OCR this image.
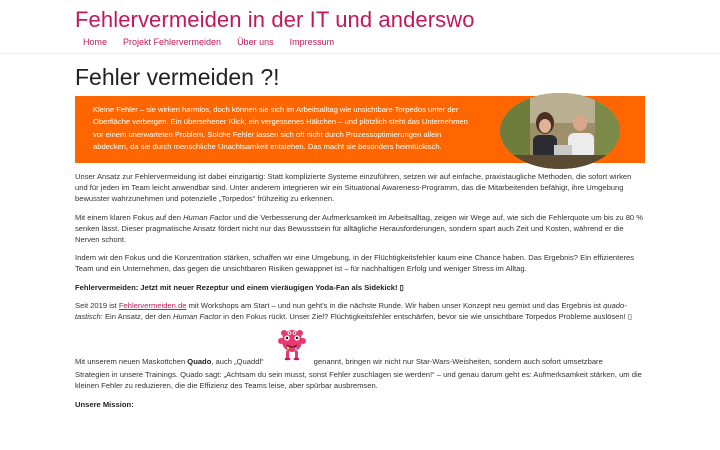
Fehlervermeiden in der IT und anderswo
Home	Projekt Fehlervermeiden	Über uns	Impressum
Fehler vermeiden ?!
Kleine Fehler – sie wirken harmlos, doch können sie sich im Arbeitsalltag wie unsichtbare Torpedos unter der Oberfläche verbergen. Ein übersehener Klick, ein vergessenes Häkchen – und plötzlich steht das Unternehmen vor einem unerwarteten Problem. Solche Fehler lassen sich oft nicht durch Prozessoptimierungen allein abdecken, da sie durch menschliche Unachtsamkeit entstehen. Das macht sie besonders heimtückisch.

Unser Ansatz zur Fehlervermeidung ist dabei einzigartig: Statt komplizierte Systeme einzuführen, setzen wir auf einfache, praxistaugliche Methoden, die sofort wirken und für jeden im Team leicht anwendbar sind. Unter anderem integrieren wir ein Situational Awareness-Programm, das die Mitarbeitenden befähigt, ihre Umgebung bewusster wahrzunehmen und potenzielle „Torpedos“ frühzeitig zu erkennen.

Mit einem klaren Fokus auf den Human Factor und die Verbesserung der Aufmerksamkeit im Arbeitsalltag, zeigen wir Wege auf, wie sich die Fehlerquote um bis zu 80 % senken lässt. Dieser pragmatische Ansatz fördert nicht nur das Bewusstsein für alltägliche Herausforderungen, sondern spart auch Zeit und Kosten, während er die Nerven schont.

Indem wir den Fokus und die Konzentration stärken, schaffen wir eine Umgebung, in der Flüchtigkeitsfehler kaum eine Chance haben. Das Ergebnis? Ein effizienteres Team und ein Unternehmen, das gegen die unsichtbaren Risiken gewappnet ist – für nachhaltigen Erfolg und weniger Stress im Alltag.

Fehlervermeiden: Jetzt mit neuer Rezeptur und einem vieräugigen Yoda-Fan als Sidekick! ▯

Seit 2019 ist Fehlervermeiden.de mit Workshops am Start – und nun geht's in die nächste Runde. Wir haben unser Konzept neu gemixt und das Ergebnis ist quado-tastisch: Ein Ansatz, der den Human Factor in den Fokus rückt. Unser Ziel? Flüchtigkeitsfehler entschärfen, bevor sie wie unsichtbare Torpedos Probleme auslösen! ▯

Mit unserem neuen Maskottchen Quado, auch „Quaddl“	genannt, bringen wir nicht nur Star-Wars-Weisheiten, sondern auch sofort umsetzbare

Strategien in unsere Trainings. Quado sagt: „Achtsam du sein musst, sonst Fehler zuschlagen sie werden!“ – und genau darum geht es: Aufmerksamkeit stärken, um die kleinen Fehler zu reduzieren, die die Effizienz des Teams leise, aber spürbar ausbremsen.

Unsere Mission:
